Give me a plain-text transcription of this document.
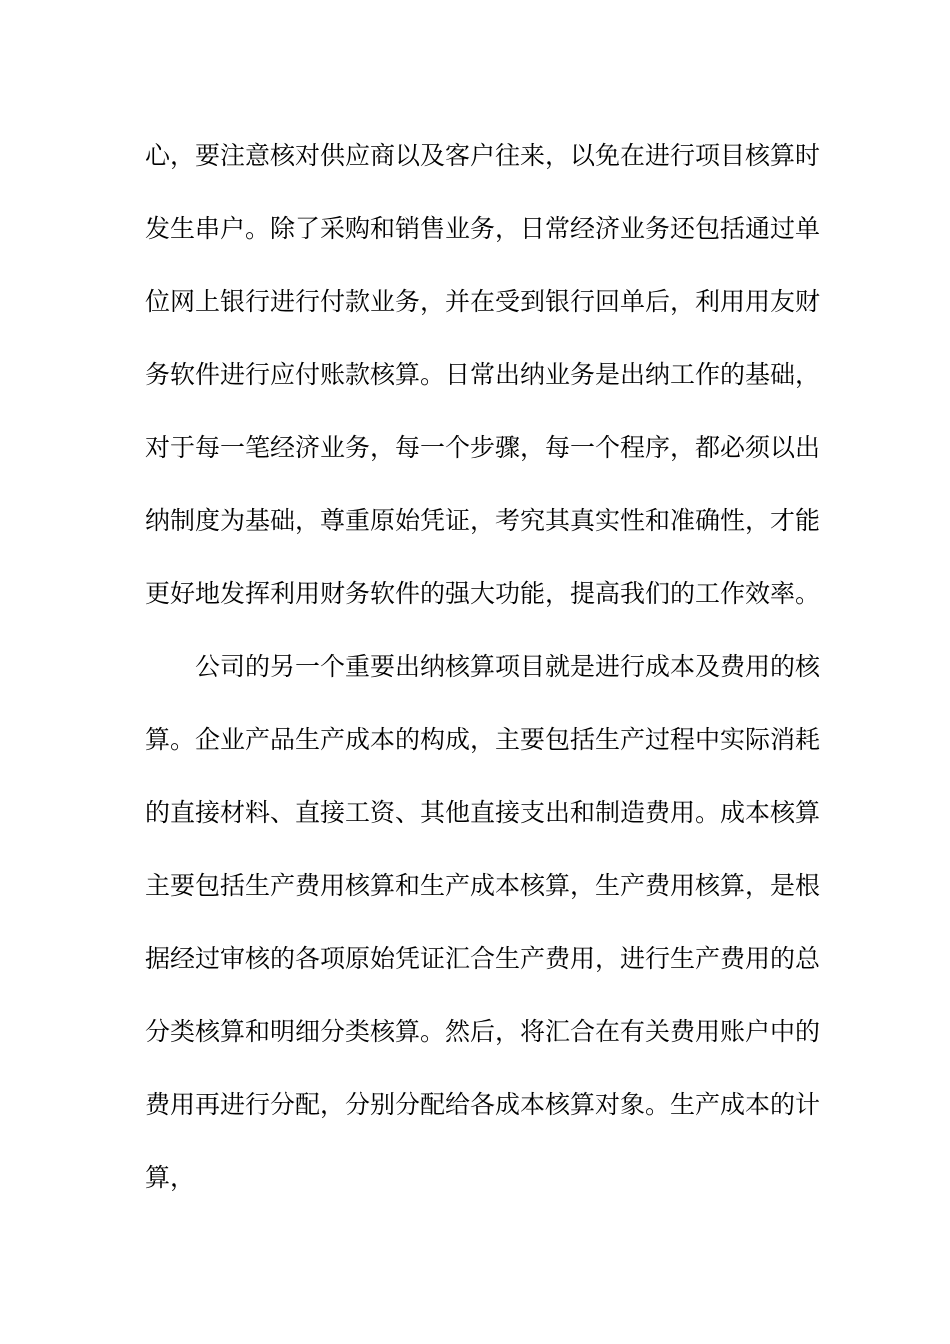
心，要注意核对供应商以及客户往来，以免在进行项目核算时
发生串户。除了采购和销售业务，日常经济业务还包括通过单
位网上银行进行付款业务，并在受到银行回单后，利用用友财
务软件进行应付账款核算。日常出纳业务是出纳工作的基础，
对于每一笔经济业务，每一个步骤，每一个程序，都必须以出
纳制度为基础，尊重原始凭证，考究其真实性和准确性，才能
更好地发挥利用财务软件的强大功能，提高我们的工作效率。
公司的另一个重要出纳核算项目就是进行成本及费用的核
算。企业产品生产成本的构成，主要包括生产过程中实际消耗
的直接材料、直接工资、其他直接支出和制造费用。成本核算
主要包括生产费用核算和生产成本核算，生产费用核算，是根
据经过审核的各项原始凭证汇合生产费用，进行生产费用的总
分类核算和明细分类核算。然后，将汇合在有关费用账户中的
费用再进行分配，分别分配给各成本核算对象。生产成本的计
算，
